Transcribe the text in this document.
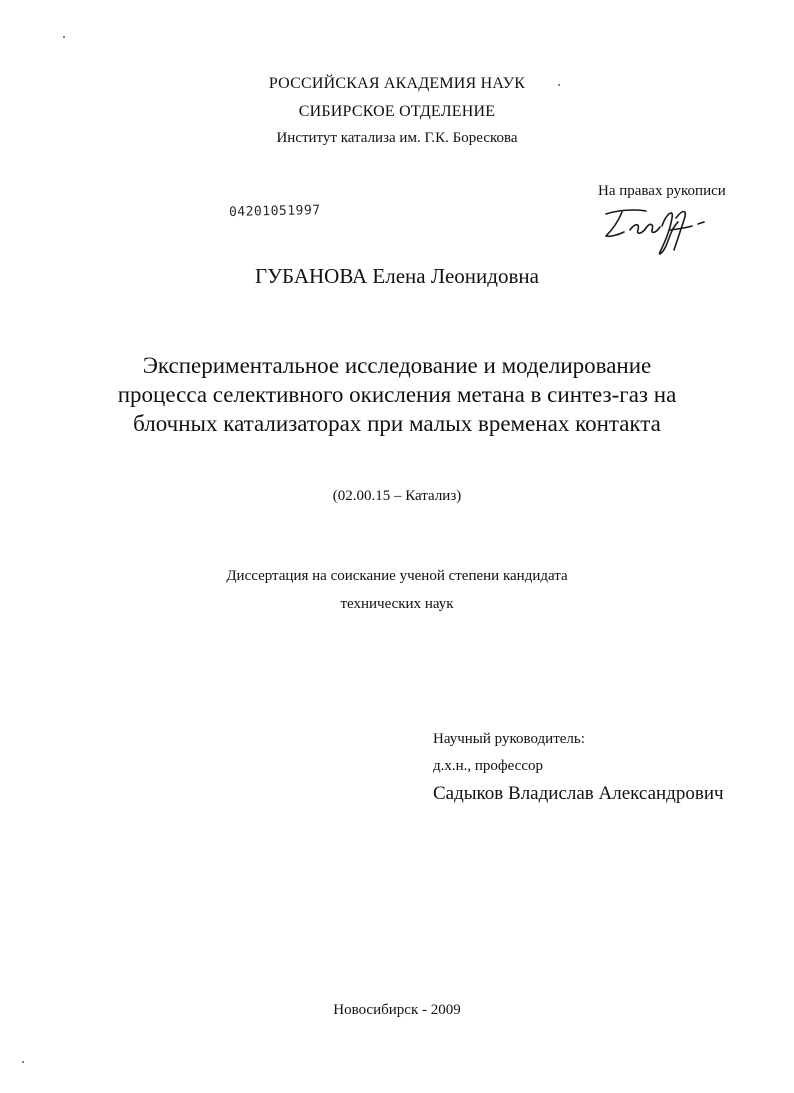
РОССИЙСКАЯ АКАДЕМИЯ НАУК
СИБИРСКОЕ ОТДЕЛЕНИЕ
Институт катализа им. Г.К. Борескова
На правах рукописи
04201051997
ГУБАНОВА Елена Леонидовна
Экспериментальное исследование и моделирование
процесса селективного окисления метана в синтез-газ на
блочных катализаторах при малых временах контакта
(02.00.15 – Катализ)
Диссертация на соискание ученой степени кандидата
технических наук
Научный руководитель:
д.х.н., профессор
Садыков Владислав Александрович
Новосибирск - 2009
